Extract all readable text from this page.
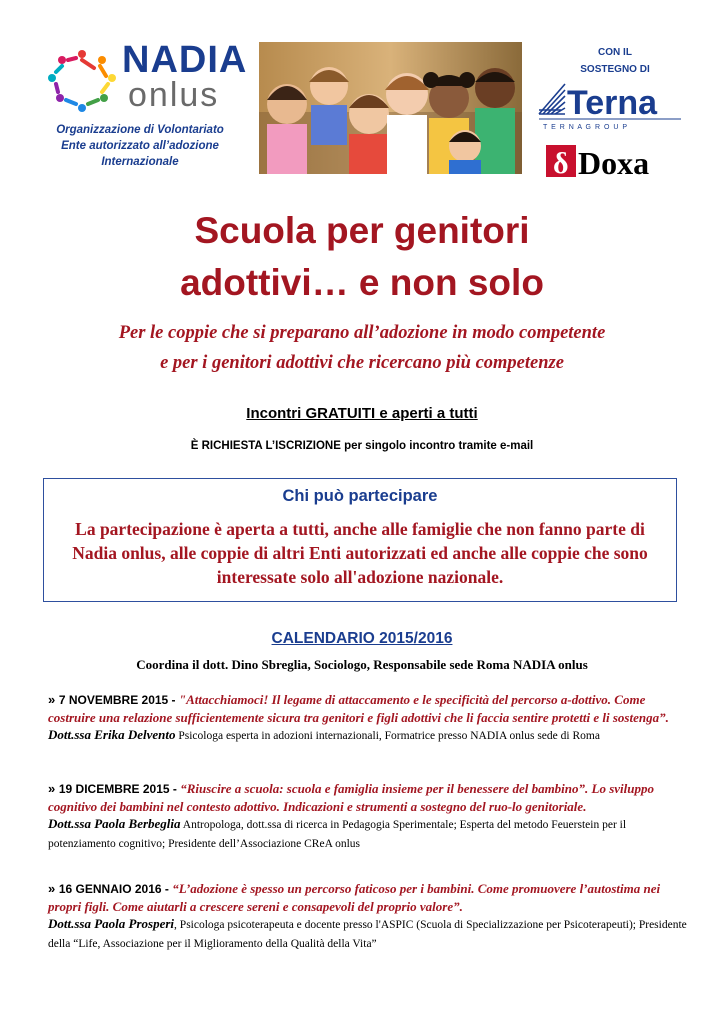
NADIA
onlus
Organizzazione di Volontariato
Ente autorizzato all’adozione
Internazionale
CON IL
SOSTEGNO DI
Terna
T E R N A G R O U P
δ Doxa
Scuola per genitori
adottivi… e non solo
Per le coppie che si preparano all’adozione in modo competente
e per i genitori adottivi che ricercano più competenze
Incontri GRATUITI e aperti a tutti
È RICHIESTA L’ISCRIZIONE per singolo incontro tramite e-mail
Chi può partecipare
La partecipazione è aperta a tutti, anche alle famiglie che non fanno parte di Nadia onlus, alle coppie di altri Enti autorizzati ed anche alle coppie che sono interessate solo all'adozione nazionale.
CALENDARIO 2015/2016
Coordina il dott. Dino Sbreglia, Sociologo, Responsabile sede Roma NADIA onlus
» 7 NOVEMBRE 2015 - "Attacchiamoci! Il legame di attaccamento e le specificità del percorso a-dottivo. Come costruire una relazione sufficientemente sicura tra genitori e figli adottivi che li faccia sentire protetti e li sostenga”.
Dott.ssa Erika Delvento Psicologa esperta in adozioni internazionali, Formatrice presso NADIA onlus sede di Roma
» 19 DICEMBRE 2015 - “Riuscire a scuola: scuola e famiglia insieme per il benessere del bambino”. Lo sviluppo cognitivo dei bambini nel contesto adottivo. Indicazioni e strumenti a sostegno del ruo-lo genitoriale.
Dott.ssa Paola Berbeglia Antropologa, dott.ssa di ricerca in Pedagogia Sperimentale; Esperta del metodo Feuerstein per il potenziamento cognitivo; Presidente dell’Associazione CReA onlus
» 16 GENNAIO 2016 - “L’adozione è spesso un percorso faticoso per i bambini. Come promuovere l’autostima nei propri figli. Come aiutarli a crescere sereni e consapevoli del proprio valore”.
Dott.ssa Paola Prosperi, Psicologa psicoterapeuta e docente presso l'ASPIC (Scuola di Specializzazione per Psicoterapeuti); Presidente della “Life, Associazione per il Miglioramento della Qualità della Vita”
